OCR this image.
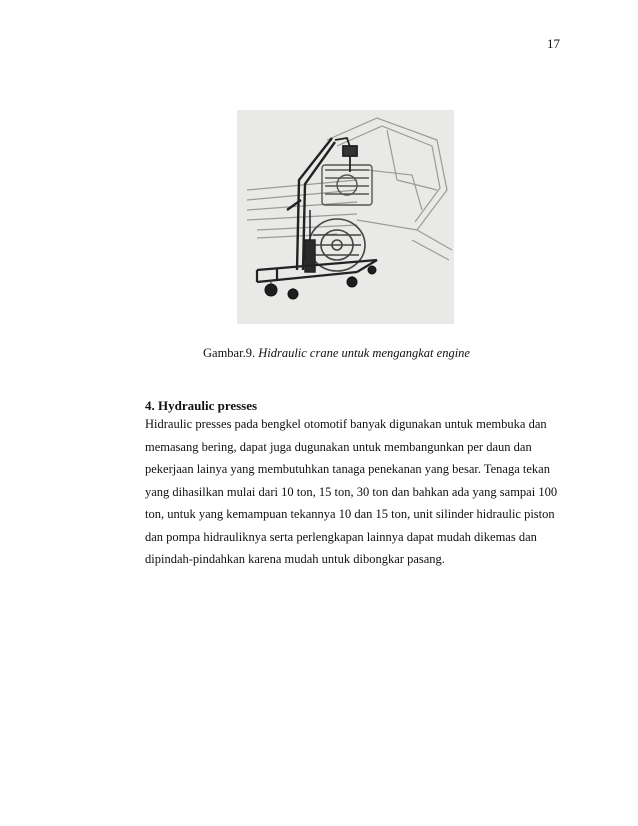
17
Gambar.9. Hidraulic crane untuk mengangkat engine
4. Hydraulic presses
Hidraulic presses pada bengkel otomotif banyak digunakan untuk membuka dan
memasang bering, dapat juga dugunakan untuk membangunkan per daun dan
pekerjaan lainya yang membutuhkan tanaga penekanan yang besar. Tenaga tekan
yang dihasilkan mulai dari 10 ton, 15 ton, 30 ton dan bahkan ada yang sampai 100
ton, untuk yang kemampuan tekannya 10 dan 15 ton, unit silinder hidraulic piston
dan pompa hidrauliknya serta perlengkapan lainnya dapat mudah dikemas dan
dipindah-pindahkan karena mudah untuk dibongkar pasang.
